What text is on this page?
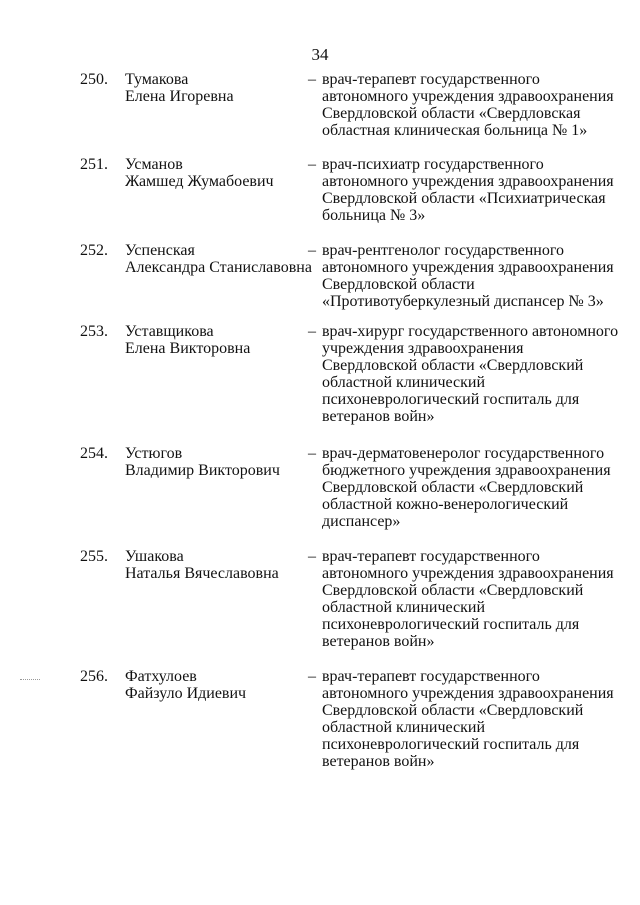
34
250. Тумакова
Елена Игоревна
– врач-терапевт государственного
автономного учреждения здравоохранения
Свердловской области «Свердловская
областная клиническая больница № 1»
251. Усманов
Жамшед Жумабоевич
– врач-психиатр государственного
автономного учреждения здравоохранения
Свердловской области «Психиатрическая
больница № 3»
252. Успенская
Александра Станиславовна
– врач-рентгенолог государственного
автономного учреждения здравоохранения
Свердловской области
«Противотуберкулезный диспансер № 3»
253. Уставщикова
Елена Викторовна
– врач-хирург государственного автономного
учреждения здравоохранения
Свердловской области «Свердловский
областной клинический
психоневрологический госпиталь для
ветеранов войн»
254. Устюгов
Владимир Викторович
– врач-дерматовенеролог государственного
бюджетного учреждения здравоохранения
Свердловской области «Свердловский
областной кожно-венерологический
диспансер»
255. Ушакова
Наталья Вячеславовна
– врач-терапевт государственного
автономного учреждения здравоохранения
Свердловской области «Свердловский
областной клинический
психоневрологический госпиталь для
ветеранов войн»
256. Фатхулоев
Файзуло Идиевич
– врач-терапевт государственного
автономного учреждения здравоохранения
Свердловской области «Свердловский
областной клинический
психоневрологический госпиталь для
ветеранов войн»
